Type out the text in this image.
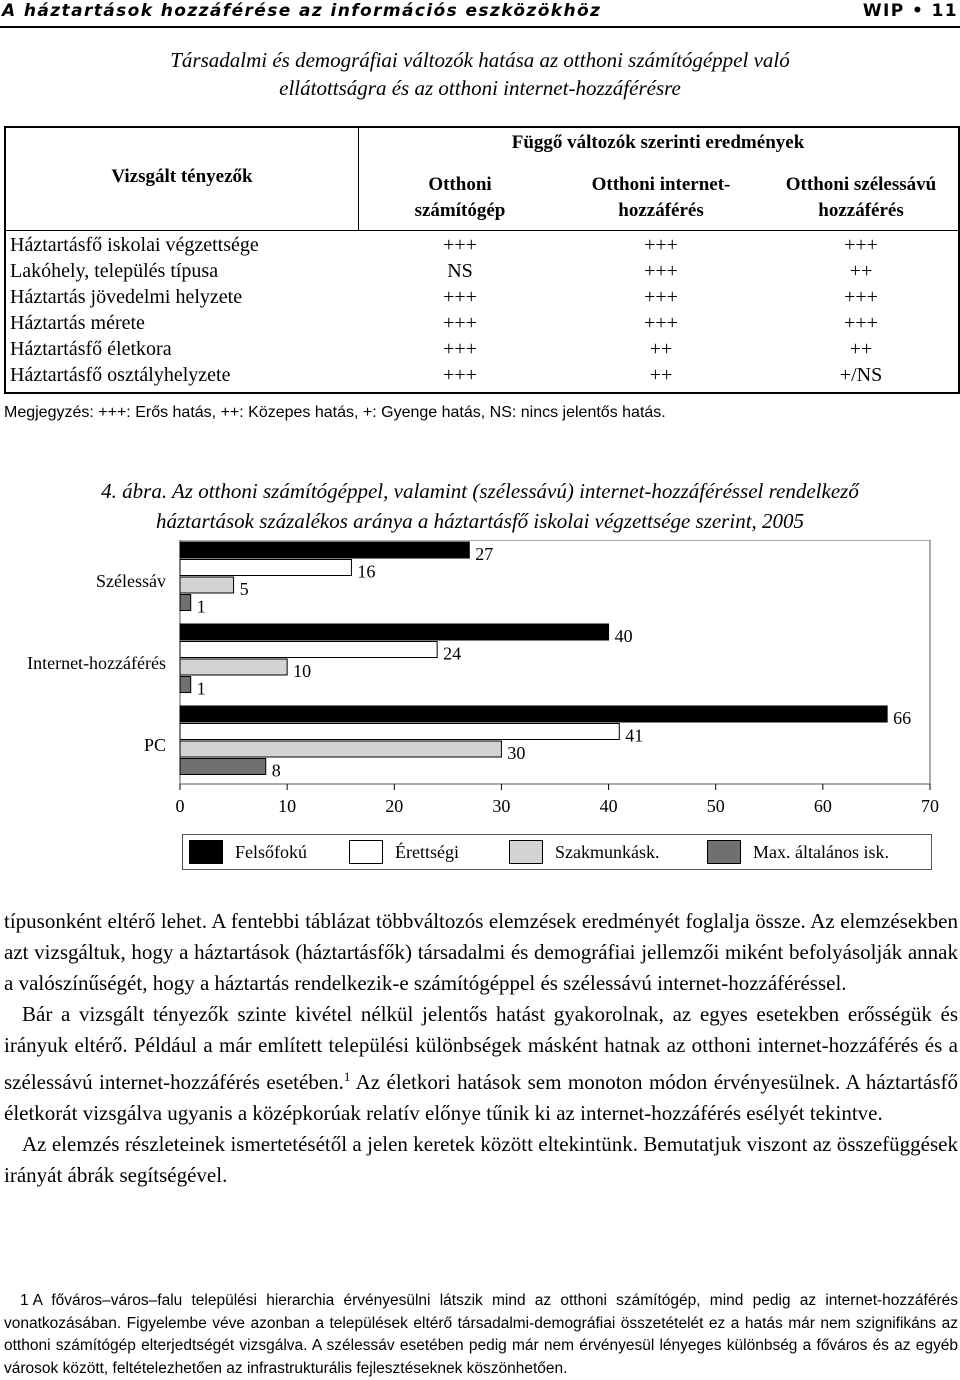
A háztartások hozzáférése az információs eszközökhöz	WIP • 11
Társadalmi és demográfiai változók hatása az otthoni számítógéppel való
ellátottságra és az otthoni internet-hozzáférésre
Vizsgált tényezők
Függő változók szerinti eredmények
Otthoni
számítógép
Otthoni internet-
hozzáférés
Otthoni szélessávú
hozzáférés
Háztartásfő iskolai végzettsége	+++	+++	+++
Lakóhely, település típusa	NS	+++	++
Háztartás jövedelmi helyzete	+++	+++	+++
Háztartás mérete	+++	+++	+++
Háztartásfő életkora	+++	++	++
Háztartásfő osztályhelyzete	+++	++	+/NS
Megjegyzés: +++: Erős hatás, ++: Közepes hatás, +: Gyenge hatás, NS: nincs jelentős hatás.
4. ábra. Az otthoni számítógéppel, valamint (szélessávú) internet-hozzáféréssel rendelkező
háztartások százalékos aránya a háztartásfő iskolai végzettsége szerint, 2005
0	10	20	30	40	50	60	70
Szélessáv
27
16
5
1
Internet-hozzáférés
40
24
10
1
PC
66
41
30
8
Felsőfokú	Érettségi	Szakmunkásk.	Max. általános isk.

típusonként eltérő lehet. A fentebbi táblázat többváltozós elemzések eredményét foglalja össze. Az elemzésekben azt vizsgáltuk, hogy a háztartások (háztartásfők) társadalmi és demográfiai jellemzői miként befolyásolják annak a valószínűségét, hogy a háztartás rendelkezik-e számítógéppel és szélessávú internet-hozzáféréssel.

Bár a vizsgált tényezők szinte kivétel nélkül jelentős hatást gyakorolnak, az egyes esetekben erősségük és irányuk eltérő. Például a már említett települési különbségek másként hatnak az otthoni internet-hozzáférés és a szélessávú internet-hozzáférés esetében.$^1$ Az életkori hatások sem monoton módon érvényesülnek. A háztartásfő életkorát vizsgálva ugyanis a középkorúak relatív előnye tűnik ki az internet-hozzáférés esélyét tekintve.

Az elemzés részleteinek ismertetésétől a jelen keretek között eltekintünk. Bemutatjuk viszont az összefüggések irányát ábrák segítségével.

1 A főváros–város–falu települési hierarchia érvényesülni látszik mind az otthoni számítógép, mind pedig az internet-hozzáférés vonatkozásában. Figyelembe véve azonban a települések eltérő társadalmi-demográfiai összetételét ez a hatás már nem szignifikáns az otthoni számítógép elterjedtségét vizsgálva. A szélessáv esetében pedig már nem érvényesül lényeges különbség a főváros és az egyéb városok között, feltételezhetően az infrastrukturális fejlesztéseknek köszönhetően.
